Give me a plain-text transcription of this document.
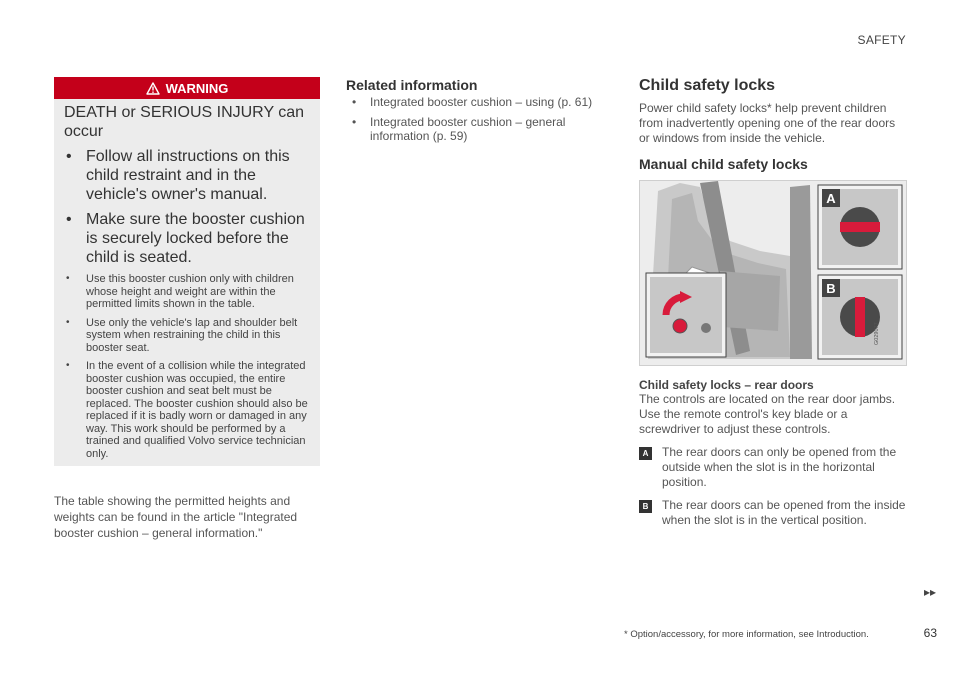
SAFETY
WARNING

DEATH or SERIOUS INJURY can occur

• Follow all instructions on this child restraint and in the vehicle's owner's manual.
• Make sure the booster cushion is securely locked before the child is seated.
• Use this booster cushion only with children whose height and weight are within the permitted limits shown in the table.
• Use only the vehicle's lap and shoulder belt system when restraining the child in this booster seat.
• In the event of a collision while the integrated booster cushion was occupied, the entire booster cushion and seat belt must be replaced. The booster cushion should also be replaced if it is badly worn or damaged in any way. This work should be performed by a trained and qualified Volvo service technician only.

The table showing the permitted heights and weights can be found in the article "Integrated booster cushion – general information."

Related information
• Integrated booster cushion – using (p. 61)
• Integrated booster cushion – general information (p. 59)
Child safety locks

Power child safety locks* help prevent children from inadvertently opening one of the rear doors or windows from inside the vehicle.

Manual child safety locks
A
B
G029077
Child safety locks – rear doors

The controls are located on the rear door jambs. Use the remote control's key blade or a screwdriver to adjust these controls.

A	The rear doors can only be opened from the outside when the slot is in the horizontal position.
B	The rear doors can be opened from the inside when the slot is in the vertical position.
▸▸
* Option/accessory, for more information, see Introduction.	63
